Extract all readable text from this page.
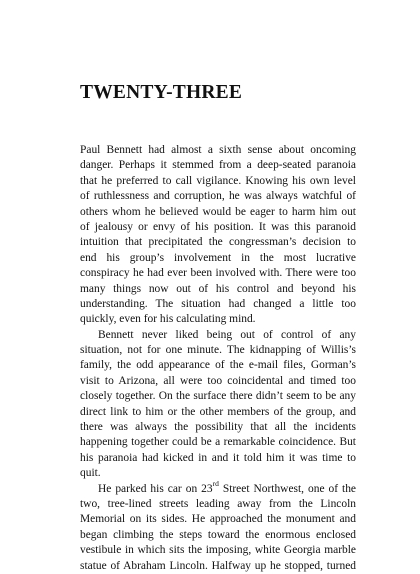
TWENTY-THREE
Paul Bennett had almost a sixth sense about oncoming
danger. Perhaps it stemmed from a deep-seated paranoia
that he preferred to call vigilance. Knowing his own level
of ruthlessness and corruption, he was always watchful of
others whom he believed would be eager to harm him out
of jealousy or envy of his position. It was this paranoid
intuition that precipitated the congressman’s decision to
end his group’s involvement in the most lucrative
conspiracy he had ever been involved with. There were too
many things now out of his control and beyond his
understanding. The situation had changed a little too
quickly, even for his calculating mind.
Bennett never liked being out of control of any
situation, not for one minute. The kidnapping of Willis’s
family, the odd appearance of the e-mail files, Gorman’s
visit to Arizona, all were too coincidental and timed too
closely together. On the surface there didn’t seem to be any
direct link to him or the other members of the group, and
there was always the possibility that all the incidents
happening together could be a remarkable coincidence. But
his paranoia had kicked in and it told him it was time to
quit.
He parked his car on 23rd Street Northwest, one of the
two, tree-lined streets leading away from the Lincoln
Memorial on its sides. He approached the monument and
began climbing the steps toward the enormous enclosed
vestibule in which sits the imposing, white Georgia marble
statue of Abraham Lincoln. Halfway up he stopped, turned
